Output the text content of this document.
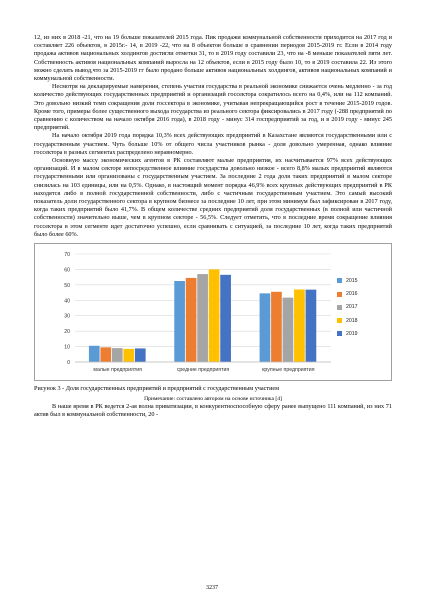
12, из них в 2018 -21, что на 19 больше показателей 2015 года. Пик продажи коммунальной собственности приходится на 2017 год и составляет 226 объектов, в 2015г.- 14, в 2019 -22, что на 8 объектов больше в сравнении периодов 2015-2019 гг. Если в 2014 году продажа активов национальных холдингов достигли отметки 31, то в 2019 году составили 23, что на -8 меньше показателей пяти лет. Собственность активов национальных компаний выросла на 12 объектов, если в 2015 году было 10, то в 2019 составила 22. Из этого можно сделать вывод,что за 2015-2019 гг было продано больше активов национальных холдингов, активов национальных компаний и коммунальной собственности.

Несмотря на декларируемые намерения, степень участия государства в реальной экономике снижается очень медленно - за год количество действующих государственных предприятий и организаций госсектора сократилось всего на 0,4%, или на 112 компаний. Это довольно низкий темп сокращения доли госсектора в экономике, учитывая непрекращающийся рост в течение 2015-2019 годов. Кроме того, примеры более существенного выхода государства из реального сектора фиксировались в 2017 году (-288 предприятий по сравнению с количеством на начало октября 2016 года), в 2018 году - минус 314 госпредприятий за год, и в 2019 году - минус 245 предприятий.

На начало октября 2019 года порядка 10,3% всех действующих предприятий в Казахстане являются государственными или с государственным участием. Чуть больше 10% от общего числа участников рынка - доля довольно умеренная, однако влияние госсектора в разных сегментах распределено неравномерно.

Основную массу экономических агентов в РК составляют малые предприятия, их насчитывается 97% всех действующих организаций. И в малом секторе непосредственное влияние государства довольно низкое - всего 8,8% малых предприятий являются государственными или организованы с государственным участием. За последние 2 года доля таких предприятий в малом секторе снизилась на 103 единицы, или на 0,5%. Однако, в настоящий момент порядка 46,9% всех крупных действующих предприятий в РК находятся либо в полной государственной собственности, либо с частичным государственным участием. Это самый высокий показатель доли государственного сектора в крупном бизнесе за последние 10 лет, при этом минимум был зафиксирован в 2017 году, когда таких предприятий было 41,7%. В общем количестве средних предприятий доля государственных (в полной или частичной собственности) значительно выше, чем в крупном секторе - 56,5%. Следует отметить, что в последние время сокращение влияния госсектора в этом сегменте идет достаточно успешно, если сравнивать с ситуацией, за последние 10 лет, когда таких предприятий было более 60%.

0
10
20
30
40
50
60
70
малые предприятия	средние предприятия	крупные предприятия
2015
2016
2017
2018
2019
Рисунок 3 - Доля государственных предприятий и предприятий с государственным участием
Примечание: составлено автором на основе источника [4]

В наше время в РК ведется 2-ая волна приватизации, в конкурентноспособную сферу ранее выпущено 111 компаний, из них 71 актив был в коммунальной собственности, 20 -

3237
